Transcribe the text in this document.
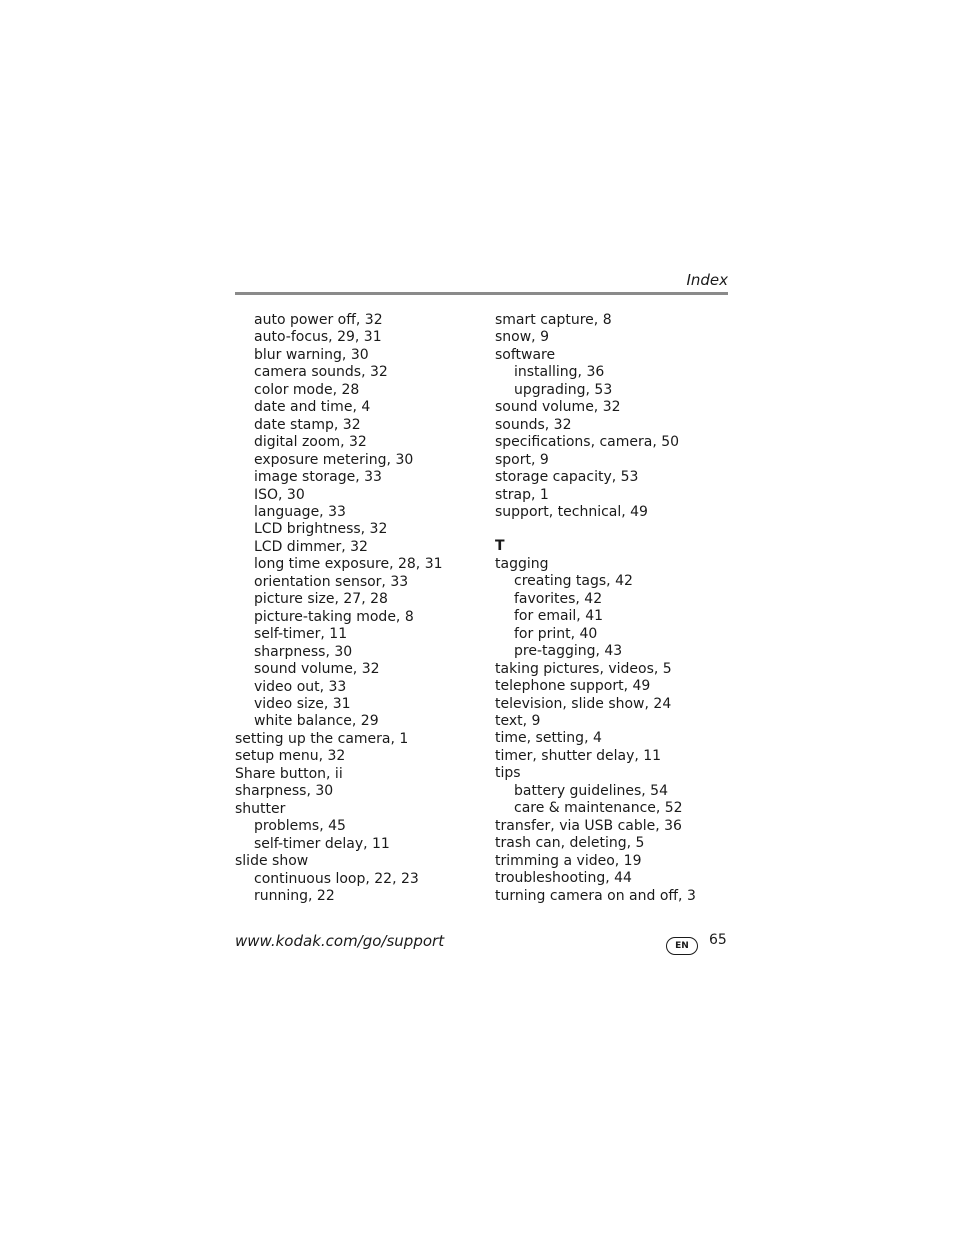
Index
auto power off, 32
auto-focus, 29, 31
blur warning, 30
camera sounds, 32
color mode, 28
date and time, 4
date stamp, 32
digital zoom, 32
exposure metering, 30
image storage, 33
ISO, 30
language, 33
LCD brightness, 32
LCD dimmer, 32
long time exposure, 28, 31
orientation sensor, 33
picture size, 27, 28
picture-taking mode, 8
self-timer, 11
sharpness, 30
sound volume, 32
video out, 33
video size, 31
white balance, 29
setting up the camera, 1
setup menu, 32
Share button, ii
sharpness, 30
shutter
problems, 45
self-timer delay, 11
slide show
continuous loop, 22, 23
running, 22
smart capture, 8
snow, 9
software
installing, 36
upgrading, 53
sound volume, 32
sounds, 32
specifications, camera, 50
sport, 9
storage capacity, 53
strap, 1
support, technical, 49
T
tagging
creating tags, 42
favorites, 42
for email, 41
for print, 40
pre-tagging, 43
taking pictures, videos, 5
telephone support, 49
television, slide show, 24
text, 9
time, setting, 4
timer, shutter delay, 11
tips
battery guidelines, 54
care & maintenance, 52
transfer, via USB cable, 36
trash can, deleting, 5
trimming a video, 19
troubleshooting, 44
turning camera on and off, 3
www.kodak.com/go/support	EN	65
